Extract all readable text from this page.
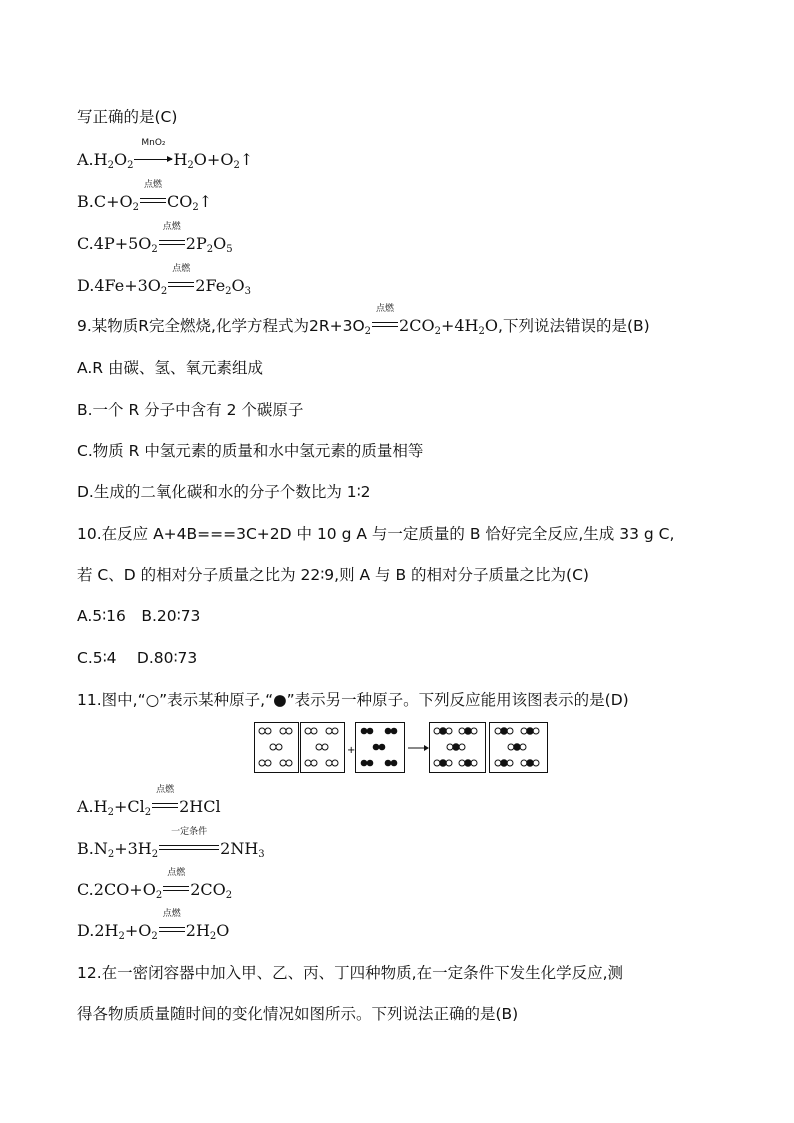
写正确的是(C)
$A.H_2O_2$
MnO₂
$H_2O+O_2↑$
$B.C+O_2$
点燃
$CO_2↑$
$C.4P+5O_2$
点燃
$2P_2O_5$
$D.4Fe+3O_2$
点燃
$2Fe_2O_3$
9.某物质R完全燃烧,化学方程式为$2R+3O_2$
点燃
$2CO_2+4H_2O$,下列说法错误的是(B)
A.R 由碳、氢、氧元素组成
B.一个 R 分子中含有 2 个碳原子
C.物质 R 中氢元素的质量和水中氢元素的质量相等
D.生成的二氧化碳和水的分子个数比为 1∶2
10.在反应 A+4B===3C+2D 中 10 g A 与一定质量的 B 恰好完全反应,生成 33 g C,
若 C、D 的相对分子质量之比为 22∶9,则 A 与 B 的相对分子质量之比为(C)
A.5∶16　B.20∶73
C.5∶4　 D.80∶73
11.图中,“○”表示某种原子,“●”表示另一种原子。下列反应能用该图表示的是(D)
+
$A.H_2+Cl_2$
点燃
2HCl
$B.N_2+3H_2$
一定条件
$2NH_3$
$C.2CO+O_2$
点燃
$2CO_2$
$D.2H_2+O_2$
点燃
$2H_2O$
12.在一密闭容器中加入甲、乙、丙、丁四种物质,在一定条件下发生化学反应,测
得各物质质量随时间的变化情况如图所示。下列说法正确的是(B)
